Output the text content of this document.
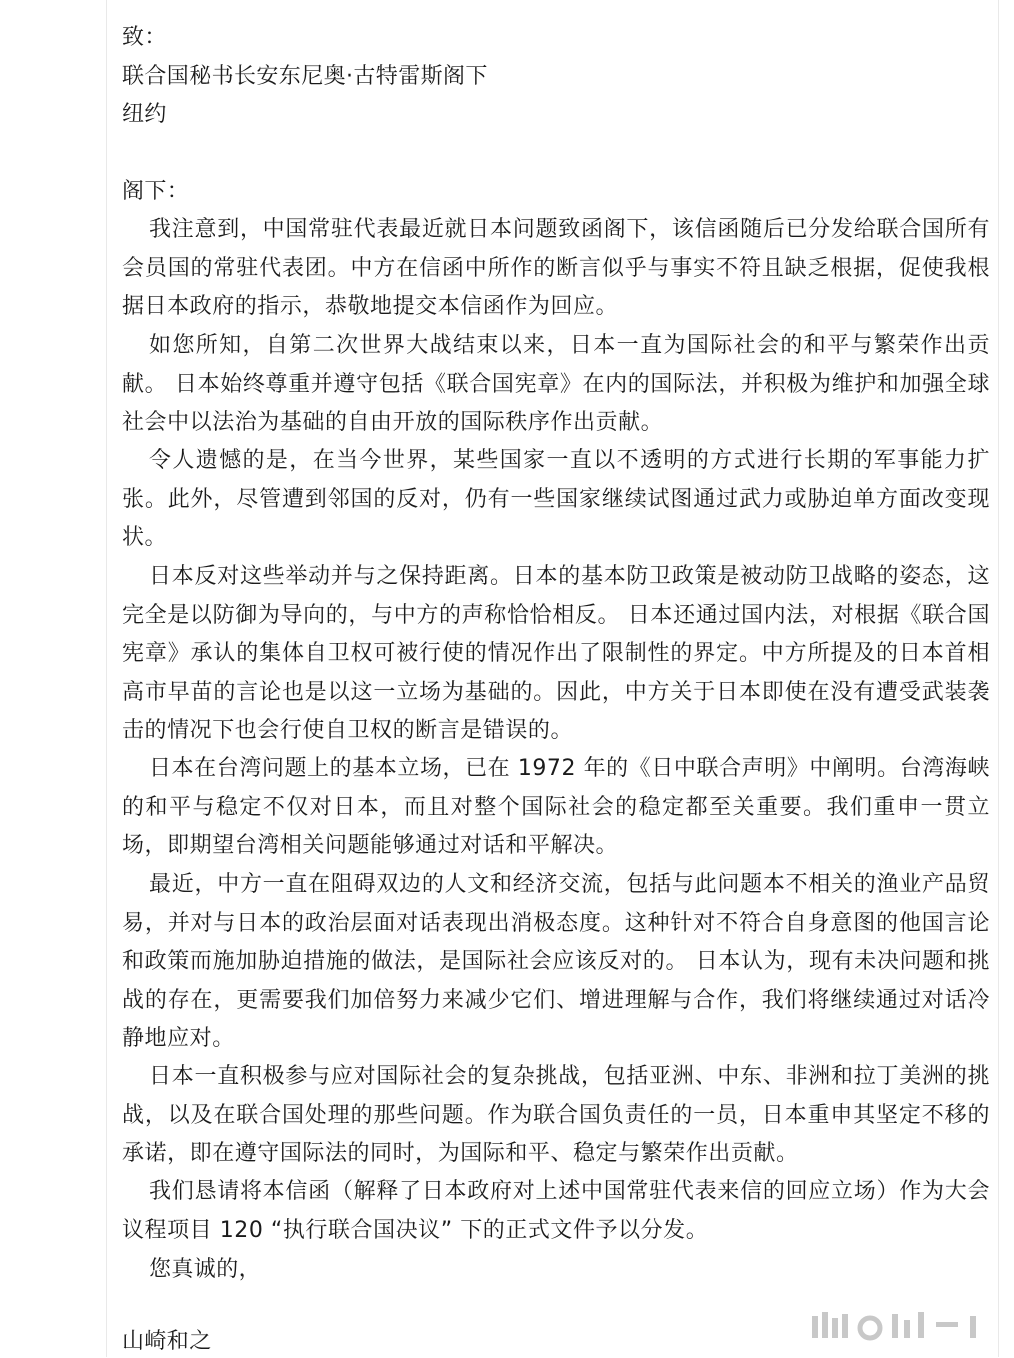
致：
联合国秘书长安东尼奥·古特雷斯阁下
纽约
阁下：
我注意到，中国常驻代表最近就日本问题致函阁下，该信函随后已分发给联合国所有会员国的常驻代表团。中方在信函中所作的断言似乎与事实不符且缺乏根据，促使我根据日本政府的指示，恭敬地提交本信函作为回应。
如您所知，自第二次世界大战结束以来，日本一直为国际社会的和平与繁荣作出贡献。 日本始终尊重并遵守包括《联合国宪章》在内的国际法，并积极为维护和加强全球社会中以法治为基础的自由开放的国际秩序作出贡献。
令人遗憾的是，在当今世界，某些国家一直以不透明的方式进行长期的军事能力扩张。此外，尽管遭到邻国的反对，仍有一些国家继续试图通过武力或胁迫单方面改变现状。
日本反对这些举动并与之保持距离。日本的基本防卫政策是被动防卫战略的姿态，这完全是以防御为导向的，与中方的声称恰恰相反。 日本还通过国内法，对根据《联合国宪章》承认的集体自卫权可被行使的情况作出了限制性的界定。中方所提及的日本首相高市早苗的言论也是以这一立场为基础的。因此，中方关于日本即使在没有遭受武装袭击的情况下也会行使自卫权的断言是错误的。
日本在台湾问题上的基本立场，已在 1972 年的《日中联合声明》中阐明。台湾海峡的和平与稳定不仅对日本，而且对整个国际社会的稳定都至关重要。我们重申一贯立场，即期望台湾相关问题能够通过对话和平解决。
最近，中方一直在阻碍双边的人文和经济交流，包括与此问题本不相关的渔业产品贸易，并对与日本的政治层面对话表现出消极态度。这种针对不符合自身意图的他国言论和政策而施加胁迫措施的做法，是国际社会应该反对的。 日本认为，现有未决问题和挑战的存在，更需要我们加倍努力来减少它们、增进理解与合作，我们将继续通过对话冷静地应对。
日本一直积极参与应对国际社会的复杂挑战，包括亚洲、中东、非洲和拉丁美洲的挑战，以及在联合国处理的那些问题。作为联合国负责任的一员，日本重申其坚定不移的承诺，即在遵守国际法的同时，为国际和平、稳定与繁荣作出贡献。
我们恳请将本信函（解释了日本政府对上述中国常驻代表来信的回应立场）作为大会议程项目 120 “执行联合国决议” 下的正式文件予以分发。
您真诚的，
山崎和之
